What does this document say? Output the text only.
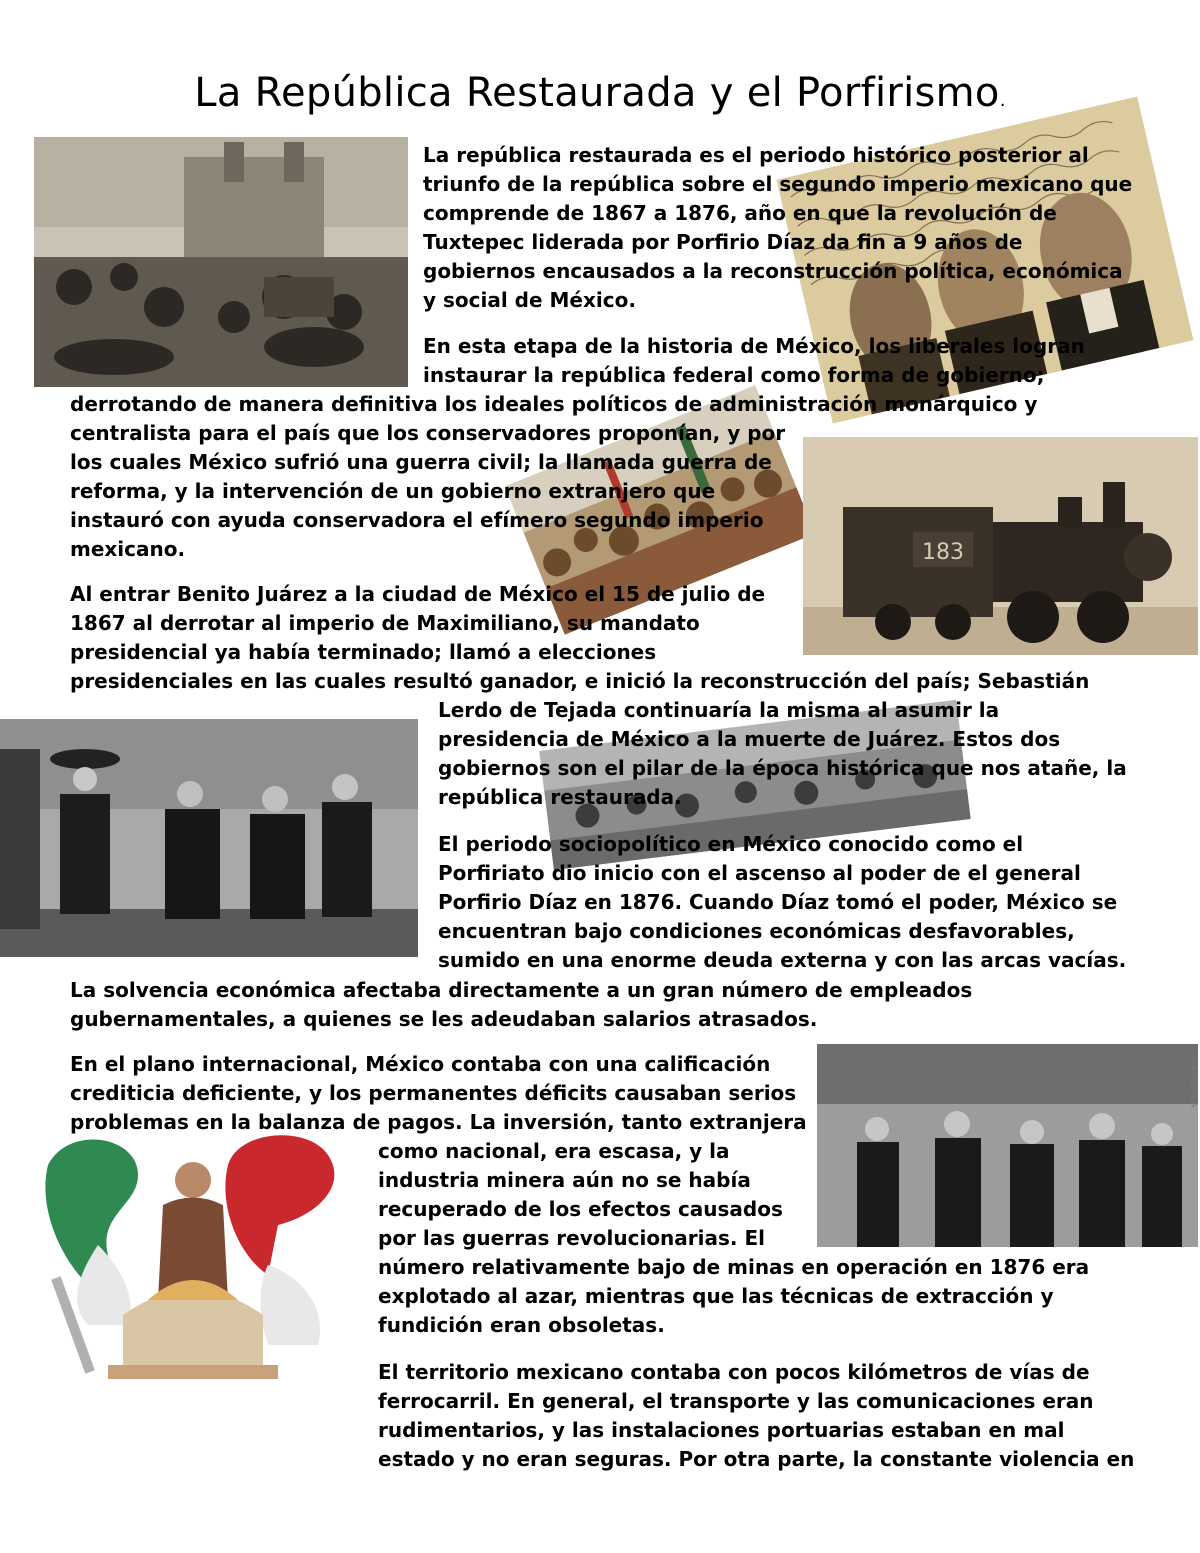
La República Restaurada y el Porfirismo.
183
GASASOLA
La república restaurada es el periodo histórico posterior al
triunfo de la república sobre el segundo imperio mexicano que
comprende de 1867 a 1876, año en que la revolución de
Tuxtepec liderada por Porfirio Díaz da fin a 9 años de
gobiernos encausados a la reconstrucción política, económica
y social de México.
En esta etapa de la historia de México, los liberales logran
instaurar la república federal como forma de gobierno;
derrotando de manera definitiva los ideales políticos de administración monárquico y
centralista para el país que los conservadores proponían, y por
los cuales México sufrió una guerra civil; la llamada guerra de
reforma, y la intervención de un gobierno extranjero que
instauró con ayuda conservadora el efímero segundo imperio
mexicano.
Al entrar Benito Juárez a la ciudad de México el 15 de julio de
1867 al derrotar al imperio de Maximiliano, su mandato
presidencial ya había terminado; llamó a elecciones
presidenciales en las cuales resultó ganador, e inició la reconstrucción del país; Sebastián
Lerdo de Tejada continuaría la misma al asumir la
presidencia de México a la muerte de Juárez. Estos dos
gobiernos son el pilar de la época histórica que nos atañe, la
república restaurada.
El periodo sociopolítico en México conocido como el
Porfiriato dio inicio con el ascenso al poder de el general
Porfirio Díaz en 1876. Cuando Díaz tomó el poder, México se
encuentran bajo condiciones económicas desfavorables,
sumido en una enorme deuda externa y con las arcas vacías.
La solvencia económica afectaba directamente a un gran número de empleados
gubernamentales, a quienes se les adeudaban salarios atrasados.
En el plano internacional, México contaba con una calificación
crediticia deficiente, y los permanentes déficits causaban serios
problemas en la balanza de pagos. La inversión, tanto extranjera
como nacional, era escasa, y la
industria minera aún no se había
recuperado de los efectos causados
por las guerras revolucionarias. El
número relativamente bajo de minas en operación en 1876 era
explotado al azar, mientras que las técnicas de extracción y
fundición eran obsoletas.
El territorio mexicano contaba con pocos kilómetros de vías de
ferrocarril. En general, el transporte y las comunicaciones eran
rudimentarios, y las instalaciones portuarias estaban en mal
estado y no eran seguras. Por otra parte, la constante violencia en
